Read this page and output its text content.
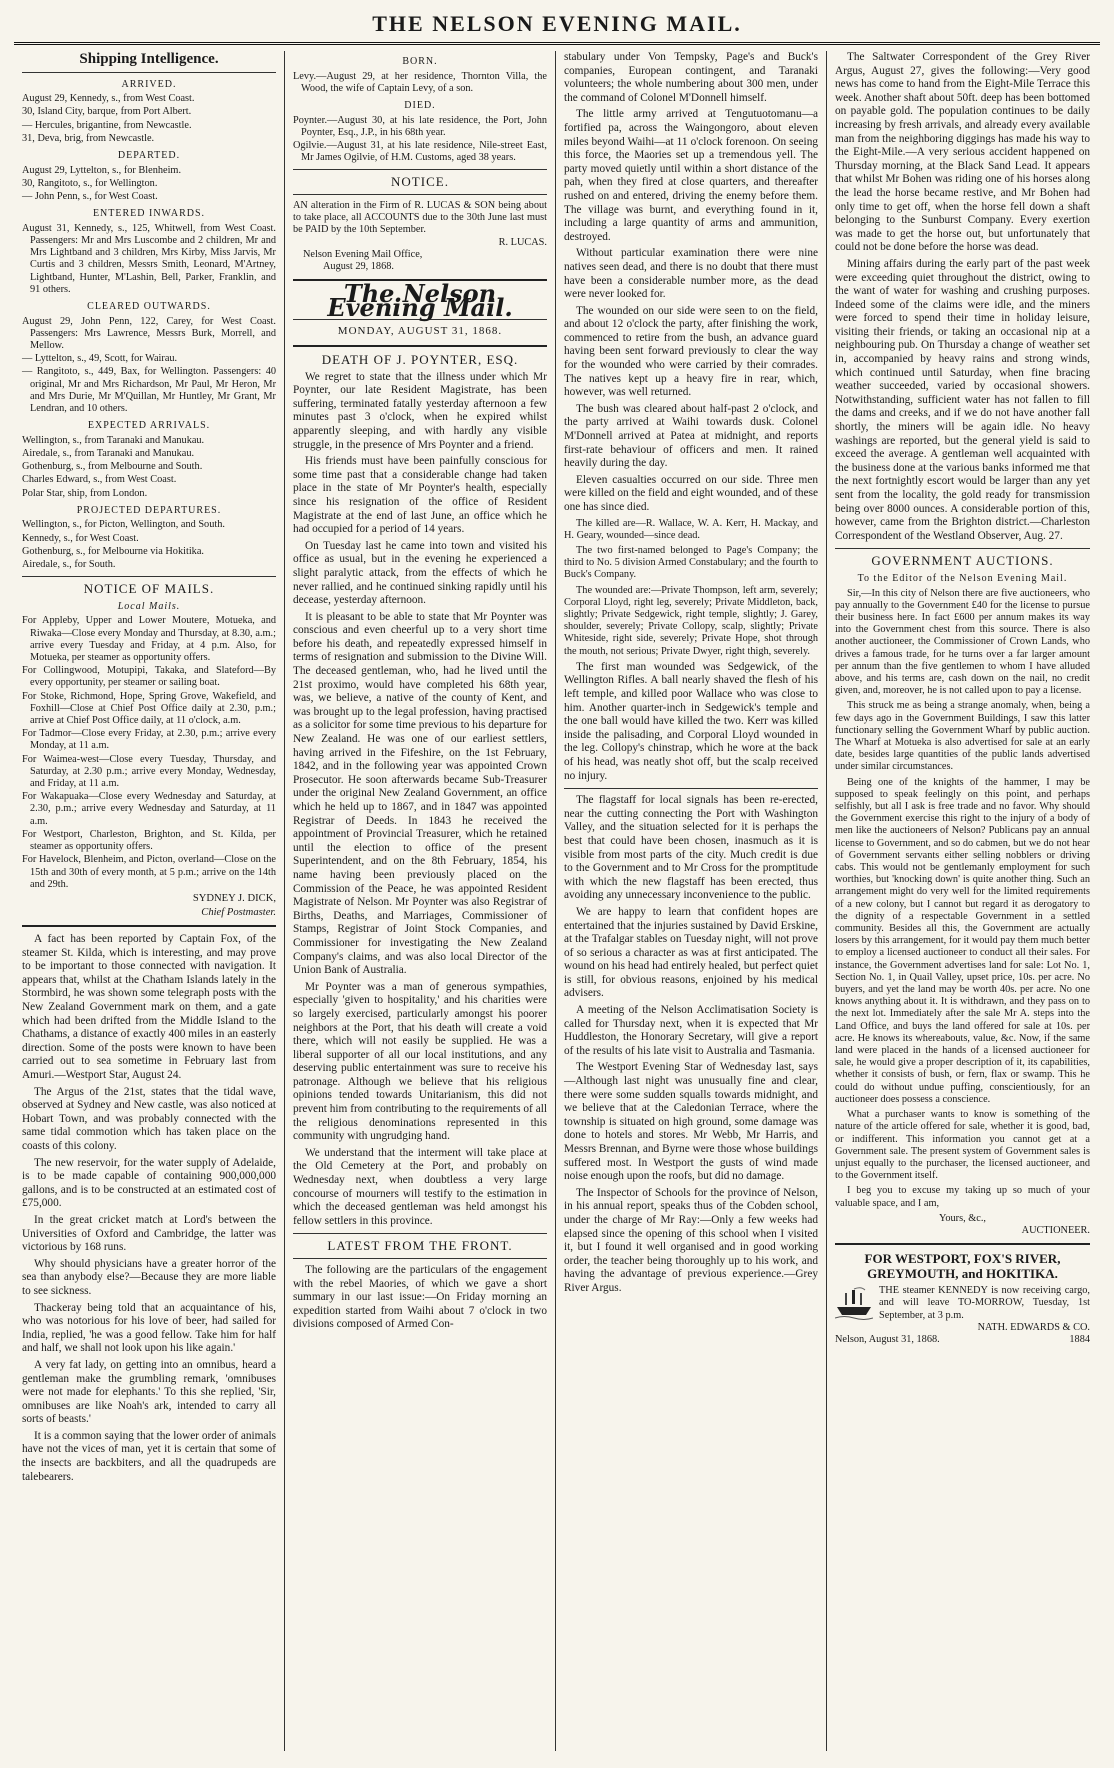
THE NELSON EVENING MAIL.
Shipping Intelligence.
ARRIVED.
August 29, Kennedy, s., from West Coast.
30, Island City, barque, from Port Albert.
— Hercules, brigantine, from Newcastle.
31, Deva, brig, from Newcastle.
DEPARTED.
August 29, Lyttelton, s., for Blenheim.
30, Rangitoto, s., for Wellington.
— John Penn, s., for West Coast.
ENTERED INWARDS.
August 31, Kennedy, s., 125, Whitwell, from West Coast. Passengers: Mr and Mrs Luscombe and 2 children, Mr and Mrs Lightband and 3 children, Mrs Kirby, Miss Jarvis, Mr Curtis and 3 children, Messrs Smith, Leonard, M'Artney, Lightband, Hunter, M'Lashin, Bell, Parker, Franklin, and 91 others.
CLEARED OUTWARDS.
August 29, John Penn, 122, Carey, for West Coast. Passengers: Mrs Lawrence, Messrs Burk, Morrell, and Mellow.
— Lyttelton, s., 49, Scott, for Wairau.
— Rangitoto, s., 449, Bax, for Wellington. Passengers: 40 original, Mr and Mrs Richardson, Mr Paul, Mr Heron, Mr and Mrs Durie, Mr M'Quillan, Mr Huntley, Mr Grant, Mr Lendran, and 10 others.
EXPECTED ARRIVALS.
Wellington, s., from Taranaki and Manukau.
Airedale, s., from Taranaki and Manukau.
Gothenburg, s., from Melbourne and South.
Charles Edward, s., from West Coast.
Polar Star, ship, from London.
PROJECTED DEPARTURES.
Wellington, s., for Picton, Wellington, and South.
Kennedy, s., for West Coast.
Gothenburg, s., for Melbourne via Hokitika.
Airedale, s., for South.
NOTICE OF MAILS.
Local Mails.
For Appleby, Upper and Lower Moutere, Motueka, and Riwaka—Close every Monday and Thursday, at 8.30, a.m.; arrive every Tuesday and Friday, at 4 p.m. Also, for Motueka, per steamer as opportunity offers.
For Collingwood, Motupipi, Takaka, and Slateford—By every opportunity, per steamer or sailing boat.
For Stoke, Richmond, Hope, Spring Grove, Wakefield, and Foxhill—Close at Chief Post Office daily at 2.30, p.m.; arrive at Chief Post Office daily, at 11 o'clock, a.m.
For Tadmor—Close every Friday, at 2.30, p.m.; arrive every Monday, at 11 a.m.
For Waimea-west—Close every Tuesday, Thursday, and Saturday, at 2.30 p.m.; arrive every Monday, Wednesday, and Friday, at 11 a.m.
For Wakapuaka—Close every Wednesday and Saturday, at 2.30, p.m.; arrive every Wednesday and Saturday, at 11 a.m.
For Westport, Charleston, Brighton, and St. Kilda, per steamer as opportunity offers.
For Havelock, Blenheim, and Picton, overland—Close on the 15th and 30th of every month, at 5 p.m.; arrive on the 14th and 29th.
SYDNEY J. DICK,
Chief Postmaster.

A fact has been reported by Captain Fox, of the steamer St. Kilda, which is interesting, and may prove to be important to those connected with navigation. It appears that, whilst at the Chatham Islands lately in the Stormbird, he was shown some telegraph posts with the New Zealand Government mark on them, and a gate which had been drifted from the Middle Island to the Chathams, a distance of exactly 400 miles in an easterly direction. Some of the posts were known to have been carried out to sea sometime in February last from Amuri.—Westport Star, August 24.

The Argus of the 21st, states that the tidal wave, observed at Sydney and New castle, was also noticed at Hobart Town, and was probably connected with the same tidal commotion which has taken place on the coasts of this colony.

The new reservoir, for the water supply of Adelaide, is to be made capable of containing 900,000,000 gallons, and is to be constructed at an estimated cost of £75,000.

In the great cricket match at Lord's between the Universities of Oxford and Cambridge, the latter was victorious by 168 runs.

Why should physicians have a greater horror of the sea than anybody else?—Because they are more liable to see sickness.

Thackeray being told that an acquaintance of his, who was notorious for his love of beer, had sailed for India, replied, 'he was a good fellow. Take him for half and half, we shall not look upon his like again.'

A very fat lady, on getting into an omnibus, heard a gentleman make the grumbling remark, 'omnibuses were not made for elephants.' To this she replied, 'Sir, omnibuses are like Noah's ark, intended to carry all sorts of beasts.'

It is a common saying that the lower order of animals have not the vices of man, yet it is certain that some of the insects are backbiters, and all the quadrupeds are talebearers.

BORN.
Levy.—August 29, at her residence, Thornton Villa, the Wood, the wife of Captain Levy, of a son.
DIED.
Poynter.—August 30, at his late residence, the Port, John Poynter, Esq., J.P., in his 68th year.
Ogilvie.—August 31, at his late residence, Nile-street East, Mr James Ogilvie, of H.M. Customs, aged 38 years.
NOTICE.
AN alteration in the Firm of R. LUCAS & SON being about to take place, all ACCOUNTS due to the 30th June last must be PAID by the 10th September.
R. LUCAS.
Nelson Evening Mail Office,
August 29, 1868.
The Nelson Evening Mail.
MONDAY, AUGUST 31, 1868.
DEATH OF J. POYNTER, ESQ.

We regret to state that the illness under which Mr Poynter, our late Resident Magistrate, has been suffering, terminated fatally yesterday afternoon a few minutes past 3 o'clock, when he expired whilst apparently sleeping, and with hardly any visible struggle, in the presence of Mrs Poynter and a friend.

His friends must have been painfully conscious for some time past that a considerable change had taken place in the state of Mr Poynter's health, especially since his resignation of the office of Resident Magistrate at the end of last June, an office which he had occupied for a period of 14 years.

On Tuesday last he came into town and visited his office as usual, but in the evening he experienced a slight paralytic attack, from the effects of which he never rallied, and he continued sinking rapidly until his decease, yesterday afternoon.

It is pleasant to be able to state that Mr Poynter was conscious and even cheerful up to a very short time before his death, and repeatedly expressed himself in terms of resignation and submission to the Divine Will. The deceased gentleman, who, had he lived until the 21st proximo, would have completed his 68th year, was, we believe, a native of the county of Kent, and was brought up to the legal profession, having practised as a solicitor for some time previous to his departure for New Zealand. He was one of our earliest settlers, having arrived in the Fifeshire, on the 1st February, 1842, and in the following year was appointed Crown Prosecutor. He soon afterwards became Sub-Treasurer under the original New Zealand Government, an office which he held up to 1867, and in 1847 was appointed Registrar of Deeds. In 1843 he received the appointment of Provincial Treasurer, which he retained until the election to office of the present Superintendent, and on the 8th February, 1854, his name having been previously placed on the Commission of the Peace, he was appointed Resident Magistrate of Nelson. Mr Poynter was also Registrar of Births, Deaths, and Marriages, Commissioner of Stamps, Registrar of Joint Stock Companies, and Commissioner for investigating the New Zealand Company's claims, and was also local Director of the Union Bank of Australia.

Mr Poynter was a man of generous sympathies, especially 'given to hospitality,' and his charities were so largely exercised, particularly amongst his poorer neighbors at the Port, that his death will create a void there, which will not easily be supplied. He was a liberal supporter of all our local institutions, and any deserving public entertainment was sure to receive his patronage. Although we believe that his religious opinions tended towards Unitarianism, this did not prevent him from contributing to the requirements of all the religious denominations represented in this community with ungrudging hand.

We understand that the interment will take place at the Old Cemetery at the Port, and probably on Wednesday next, when doubtless a very large concourse of mourners will testify to the estimation in which the deceased gentleman was held amongst his fellow settlers in this province.

LATEST FROM THE FRONT.

The following are the particulars of the engagement with the rebel Maories, of which we gave a short summary in our last issue:—On Friday morning an expedition started from Waihi about 7 o'clock in two divisions composed of Armed Con-

stabulary under Von Tempsky, Page's and Buck's companies, European contingent, and Taranaki volunteers; the whole numbering about 300 men, under the command of Colonel M'Donnell himself.

The little army arrived at Tengutuotomanu—a fortified pa, across the Waingongoro, about eleven miles beyond Waihi—at 11 o'clock forenoon. On seeing this force, the Maories set up a tremendous yell. The party moved quietly until within a short distance of the pah, when they fired at close quarters, and thereafter rushed on and entered, driving the enemy before them. The village was burnt, and everything found in it, including a large quantity of arms and ammunition, destroyed.

Without particular examination there were nine natives seen dead, and there is no doubt that there must have been a considerable number more, as the dead were never looked for.

The wounded on our side were seen to on the field, and about 12 o'clock the party, after finishing the work, commenced to retire from the bush, an advance guard having been sent forward previously to clear the way for the wounded who were carried by their comrades. The natives kept up a heavy fire in rear, which, however, was well returned.

The bush was cleared about half-past 2 o'clock, and the party arrived at Waihi towards dusk. Colonel M'Donnell arrived at Patea at midnight, and reports first-rate behaviour of officers and men. It rained heavily during the day.

Eleven casualties occurred on our side. Three men were killed on the field and eight wounded, and of these one has since died.

The killed are—R. Wallace, W. A. Kerr, H. Mackay, and H. Geary, wounded—since dead.

The two first-named belonged to Page's Company; the third to No. 5 division Armed Constabulary; and the fourth to Buck's Company.

The wounded are:—Private Thompson, left arm, severely; Corporal Lloyd, right leg, severely; Private Middleton, back, slightly; Private Sedgewick, right temple, slightly; J. Garey, shoulder, severely; Private Collopy, scalp, slightly; Private Whiteside, right side, severely; Private Hope, shot through the mouth, not serious; Private Dwyer, right thigh, severely.

The first man wounded was Sedgewick, of the Wellington Rifles. A ball nearly shaved the flesh of his left temple, and killed poor Wallace who was close to him. Another quarter-inch in Sedgewick's temple and the one ball would have killed the two. Kerr was killed inside the palisading, and Corporal Lloyd wounded in the leg. Collopy's chinstrap, which he wore at the back of his head, was neatly shot off, but the scalp received no injury.

The flagstaff for local signals has been re-erected, near the cutting connecting the Port with Washington Valley, and the situation selected for it is perhaps the best that could have been chosen, inasmuch as it is visible from most parts of the city. Much credit is due to the Government and to Mr Cross for the promptitude with which the new flagstaff has been erected, thus avoiding any unnecessary inconvenience to the public.

We are happy to learn that confident hopes are entertained that the injuries sustained by David Erskine, at the Trafalgar stables on Tuesday night, will not prove of so serious a character as was at first anticipated. The wound on his head had entirely healed, but perfect quiet is still, for obvious reasons, enjoined by his medical advisers.

A meeting of the Nelson Acclimatisation Society is called for Thursday next, when it is expected that Mr Huddleston, the Honorary Secretary, will give a report of the results of his late visit to Australia and Tasmania.

The Westport Evening Star of Wednesday last, says—Although last night was unusually fine and clear, there were some sudden squalls towards midnight, and we believe that at the Caledonian Terrace, where the township is situated on high ground, some damage was done to hotels and stores. Mr Webb, Mr Harris, and Messrs Brennan, and Byrne were those whose buildings suffered most. In Westport the gusts of wind made noise enough upon the roofs, but did no damage.

The Inspector of Schools for the province of Nelson, in his annual report, speaks thus of the Cobden school, under the charge of Mr Ray:—Only a few weeks had elapsed since the opening of this school when I visited it, but I found it well organised and in good working order, the teacher being thoroughly up to his work, and having the advantage of previous experience.—Grey River Argus.

The Saltwater Correspondent of the Grey River Argus, August 27, gives the following:—Very good news has come to hand from the Eight-Mile Terrace this week. Another shaft about 50ft. deep has been bottomed on payable gold. The population continues to be daily increasing by fresh arrivals, and already every available man from the neighboring diggings has made his way to the Eight-Mile.—A very serious accident happened on Thursday morning, at the Black Sand Lead. It appears that whilst Mr Bohen was riding one of his horses along the lead the horse became restive, and Mr Bohen had only time to get off, when the horse fell down a shaft belonging to the Sunburst Company. Every exertion was made to get the horse out, but unfortunately that could not be done before the horse was dead.

Mining affairs during the early part of the past week were exceeding quiet throughout the district, owing to the want of water for washing and crushing purposes. Indeed some of the claims were idle, and the miners were forced to spend their time in holiday leisure, visiting their friends, or taking an occasional nip at a neighbouring pub. On Thursday a change of weather set in, accompanied by heavy rains and strong winds, which continued until Saturday, when fine bracing weather succeeded, varied by occasional showers. Notwithstanding, sufficient water has not fallen to fill the dams and creeks, and if we do not have another fall shortly, the miners will be again idle. No heavy washings are reported, but the general yield is said to exceed the average. A gentleman well acquainted with the business done at the various banks informed me that the next fortnightly escort would be larger than any yet sent from the locality, the gold ready for transmission being over 8000 ounces. A considerable portion of this, however, came from the Brighton district.—Charleston Correspondent of the Westland Observer, Aug. 27.

GOVERNMENT AUCTIONS.
To the Editor of the Nelson Evening Mail.

Sir,—In this city of Nelson there are five auctioneers, who pay annually to the Government £40 for the license to pursue their business here. In fact £600 per annum makes its way into the Government chest from this source. There is also another auctioneer, the Commissioner of Crown Lands, who drives a famous trade, for he turns over a far larger amount per annum than the five gentlemen to whom I have alluded above, and his terms are, cash down on the nail, no credit given, and, moreover, he is not called upon to pay a license.

This struck me as being a strange anomaly, when, being a few days ago in the Government Buildings, I saw this latter functionary selling the Government Wharf by public auction. The Wharf at Motueka is also advertised for sale at an early date, besides large quantities of the public lands advertised under similar circumstances.

Being one of the knights of the hammer, I may be supposed to speak feelingly on this point, and perhaps selfishly, but all I ask is free trade and no favor. Why should the Government exercise this right to the injury of a body of men like the auctioneers of Nelson? Publicans pay an annual license to Government, and so do cabmen, but we do not hear of Government servants either selling nobblers or driving cabs. This would not be gentlemanly employment for such worthies, but 'knocking down' is quite another thing. Such an arrangement might do very well for the limited requirements of a new colony, but I cannot but regard it as derogatory to the dignity of a respectable Government in a settled community. Besides all this, the Government are actually losers by this arrangement, for it would pay them much better to employ a licensed auctioneer to conduct all their sales. For instance, the Government advertises land for sale: Lot No. 1, Section No. 1, in Quail Valley, upset price, 10s. per acre. No buyers, and yet the land may be worth 40s. per acre. No one knows anything about it. It is withdrawn, and they pass on to the next lot. Immediately after the sale Mr A. steps into the Land Office, and buys the land offered for sale at 10s. per acre. He knows its whereabouts, value, &c. Now, if the same land were placed in the hands of a licensed auctioneer for sale, he would give a proper description of it, its capabilities, whether it consists of bush, or fern, flax or swamp. This he could do without undue puffing, conscientiously, for an auctioneer does possess a conscience.

What a purchaser wants to know is something of the nature of the article offered for sale, whether it is good, bad, or indifferent. This information you cannot get at a Government sale. The present system of Government sales is unjust equally to the purchaser, the licensed auctioneer, and to the Government itself.

I beg you to excuse my taking up so much of your valuable space, and I am,

Yours, &c.,
AUCTIONEER.
FOR WESTPORT, FOX'S RIVER, GREYMOUTH, and HOKITIKA.
THE steamer KENNEDY is now receiving cargo, and will leave TO-MORROW, Tuesday, 1st September, at 3 p.m.
NATH. EDWARDS & CO.
Nelson, August 31, 1868.	1884
